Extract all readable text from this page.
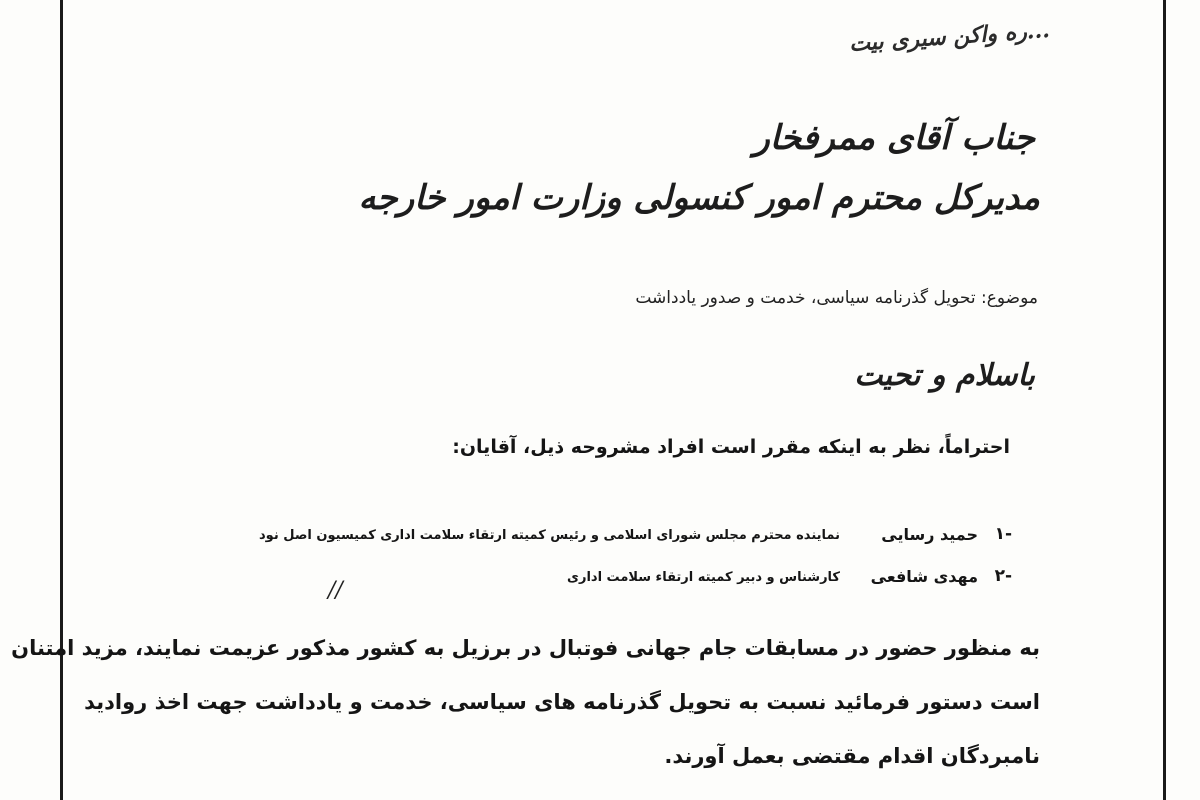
...ره واکن سیری بیت
جناب آقای ممرفخار
مدیرکل محترم امور کنسولی وزارت امور خارجه
موضوع: تحویل گذرنامه سیاسی، خدمت و صدور یادداشت
باسلام و تحیت
احتراماً، نظر به اینکه مقرر است افراد مشروحه ذیل، آقایان:
۱-
حمید رسایی
نماینده محترم مجلس شورای اسلامی و رئیس کمیته ارتقاء سلامت اداری کمیسیون اصل نود
۲-
مهدی شافعی
کارشناس و دبیر کمیته ارتقاء سلامت اداری
//
به منظور حضور در مسابقات جام جهانی فوتبال در برزیل به کشور مذکور عزیمت نمایند، مزید امتنان
است دستور فرمائید نسبت به تحویل گذرنامه های سیاسی، خدمت و یادداشت جهت اخذ روادید
نامبردگان اقدام مقتضی بعمل آورند.
